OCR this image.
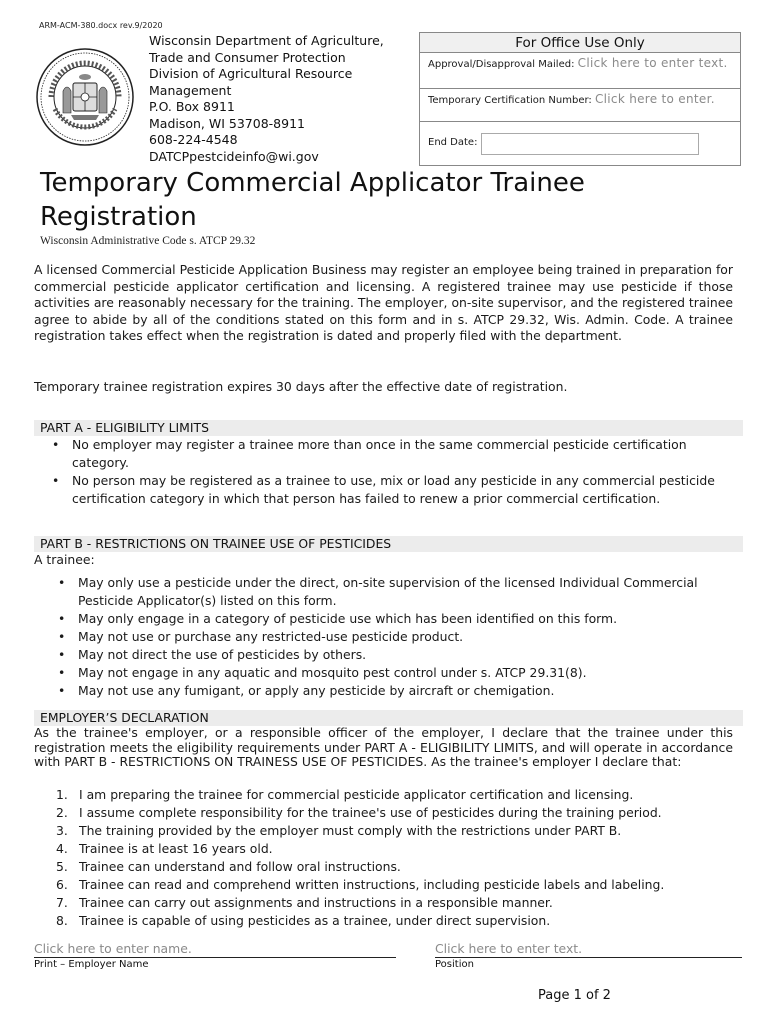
ARM-ACM-380.docx rev.9/2020
Wisconsin Department of Agriculture,
Trade and Consumer Protection
Division of Agricultural Resource
Management
P.O. Box 8911
Madison, WI 53708-8911
608-224-4548
DATCPpestcideinfo@wi.gov
For Office Use Only
Approval/Disapproval Mailed: Click here to enter text.
Temporary Certification Number: Click here to enter.
End Date:
Temporary Commercial Applicator Trainee Registration
Wisconsin Administrative Code s. ATCP 29.32
A licensed Commercial Pesticide Application Business may register an employee being trained in preparation for commercial pesticide applicator certification and licensing. A registered trainee may use pesticide if those activities are reasonably necessary for the training. The employer, on-site supervisor, and the registered trainee agree to abide by all of the conditions stated on this form and in s. ATCP 29.32, Wis. Admin. Code. A trainee registration takes effect when the registration is dated and properly filed with the department.
Temporary trainee registration expires 30 days after the effective date of registration.
PART A - ELIGIBILITY LIMITS
• No employer may register a trainee more than once in the same commercial pesticide certification category.
• No person may be registered as a trainee to use, mix or load any pesticide in any commercial pesticide certification category in which that person has failed to renew a prior commercial certification.
PART B - RESTRICTIONS ON TRAINEE USE OF PESTICIDES
A trainee:
• May only use a pesticide under the direct, on-site supervision of the licensed Individual Commercial Pesticide Applicator(s) listed on this form.
• May only engage in a category of pesticide use which has been identified on this form.
• May not use or purchase any restricted-use pesticide product.
• May not direct the use of pesticides by others.
• May not engage in any aquatic and mosquito pest control under s. ATCP 29.31(8).
• May not use any fumigant, or apply any pesticide by aircraft or chemigation.
EMPLOYER’S DECLARATION
As the trainee's employer, or a responsible officer of the employer, I declare that the trainee under this registration meets the eligibility requirements under PART A - ELIGIBILITY LIMITS, and will operate in accordance with PART B - RESTRICTIONS ON TRAINESS USE OF PESTICIDES. As the trainee's employer I declare that:
1. I am preparing the trainee for commercial pesticide applicator certification and licensing.
2. I assume complete responsibility for the trainee's use of pesticides during the training period.
3. The training provided by the employer must comply with the restrictions under PART B.
4. Trainee is at least 16 years old.
5. Trainee can understand and follow oral instructions.
6. Trainee can read and comprehend written instructions, including pesticide labels and labeling.
7. Trainee can carry out assignments and instructions in a responsible manner.
8. Trainee is capable of using pesticides as a trainee, under direct supervision.
Click here to enter name.
Print – Employer Name
Click here to enter text.
Position
Page 1 of 2
